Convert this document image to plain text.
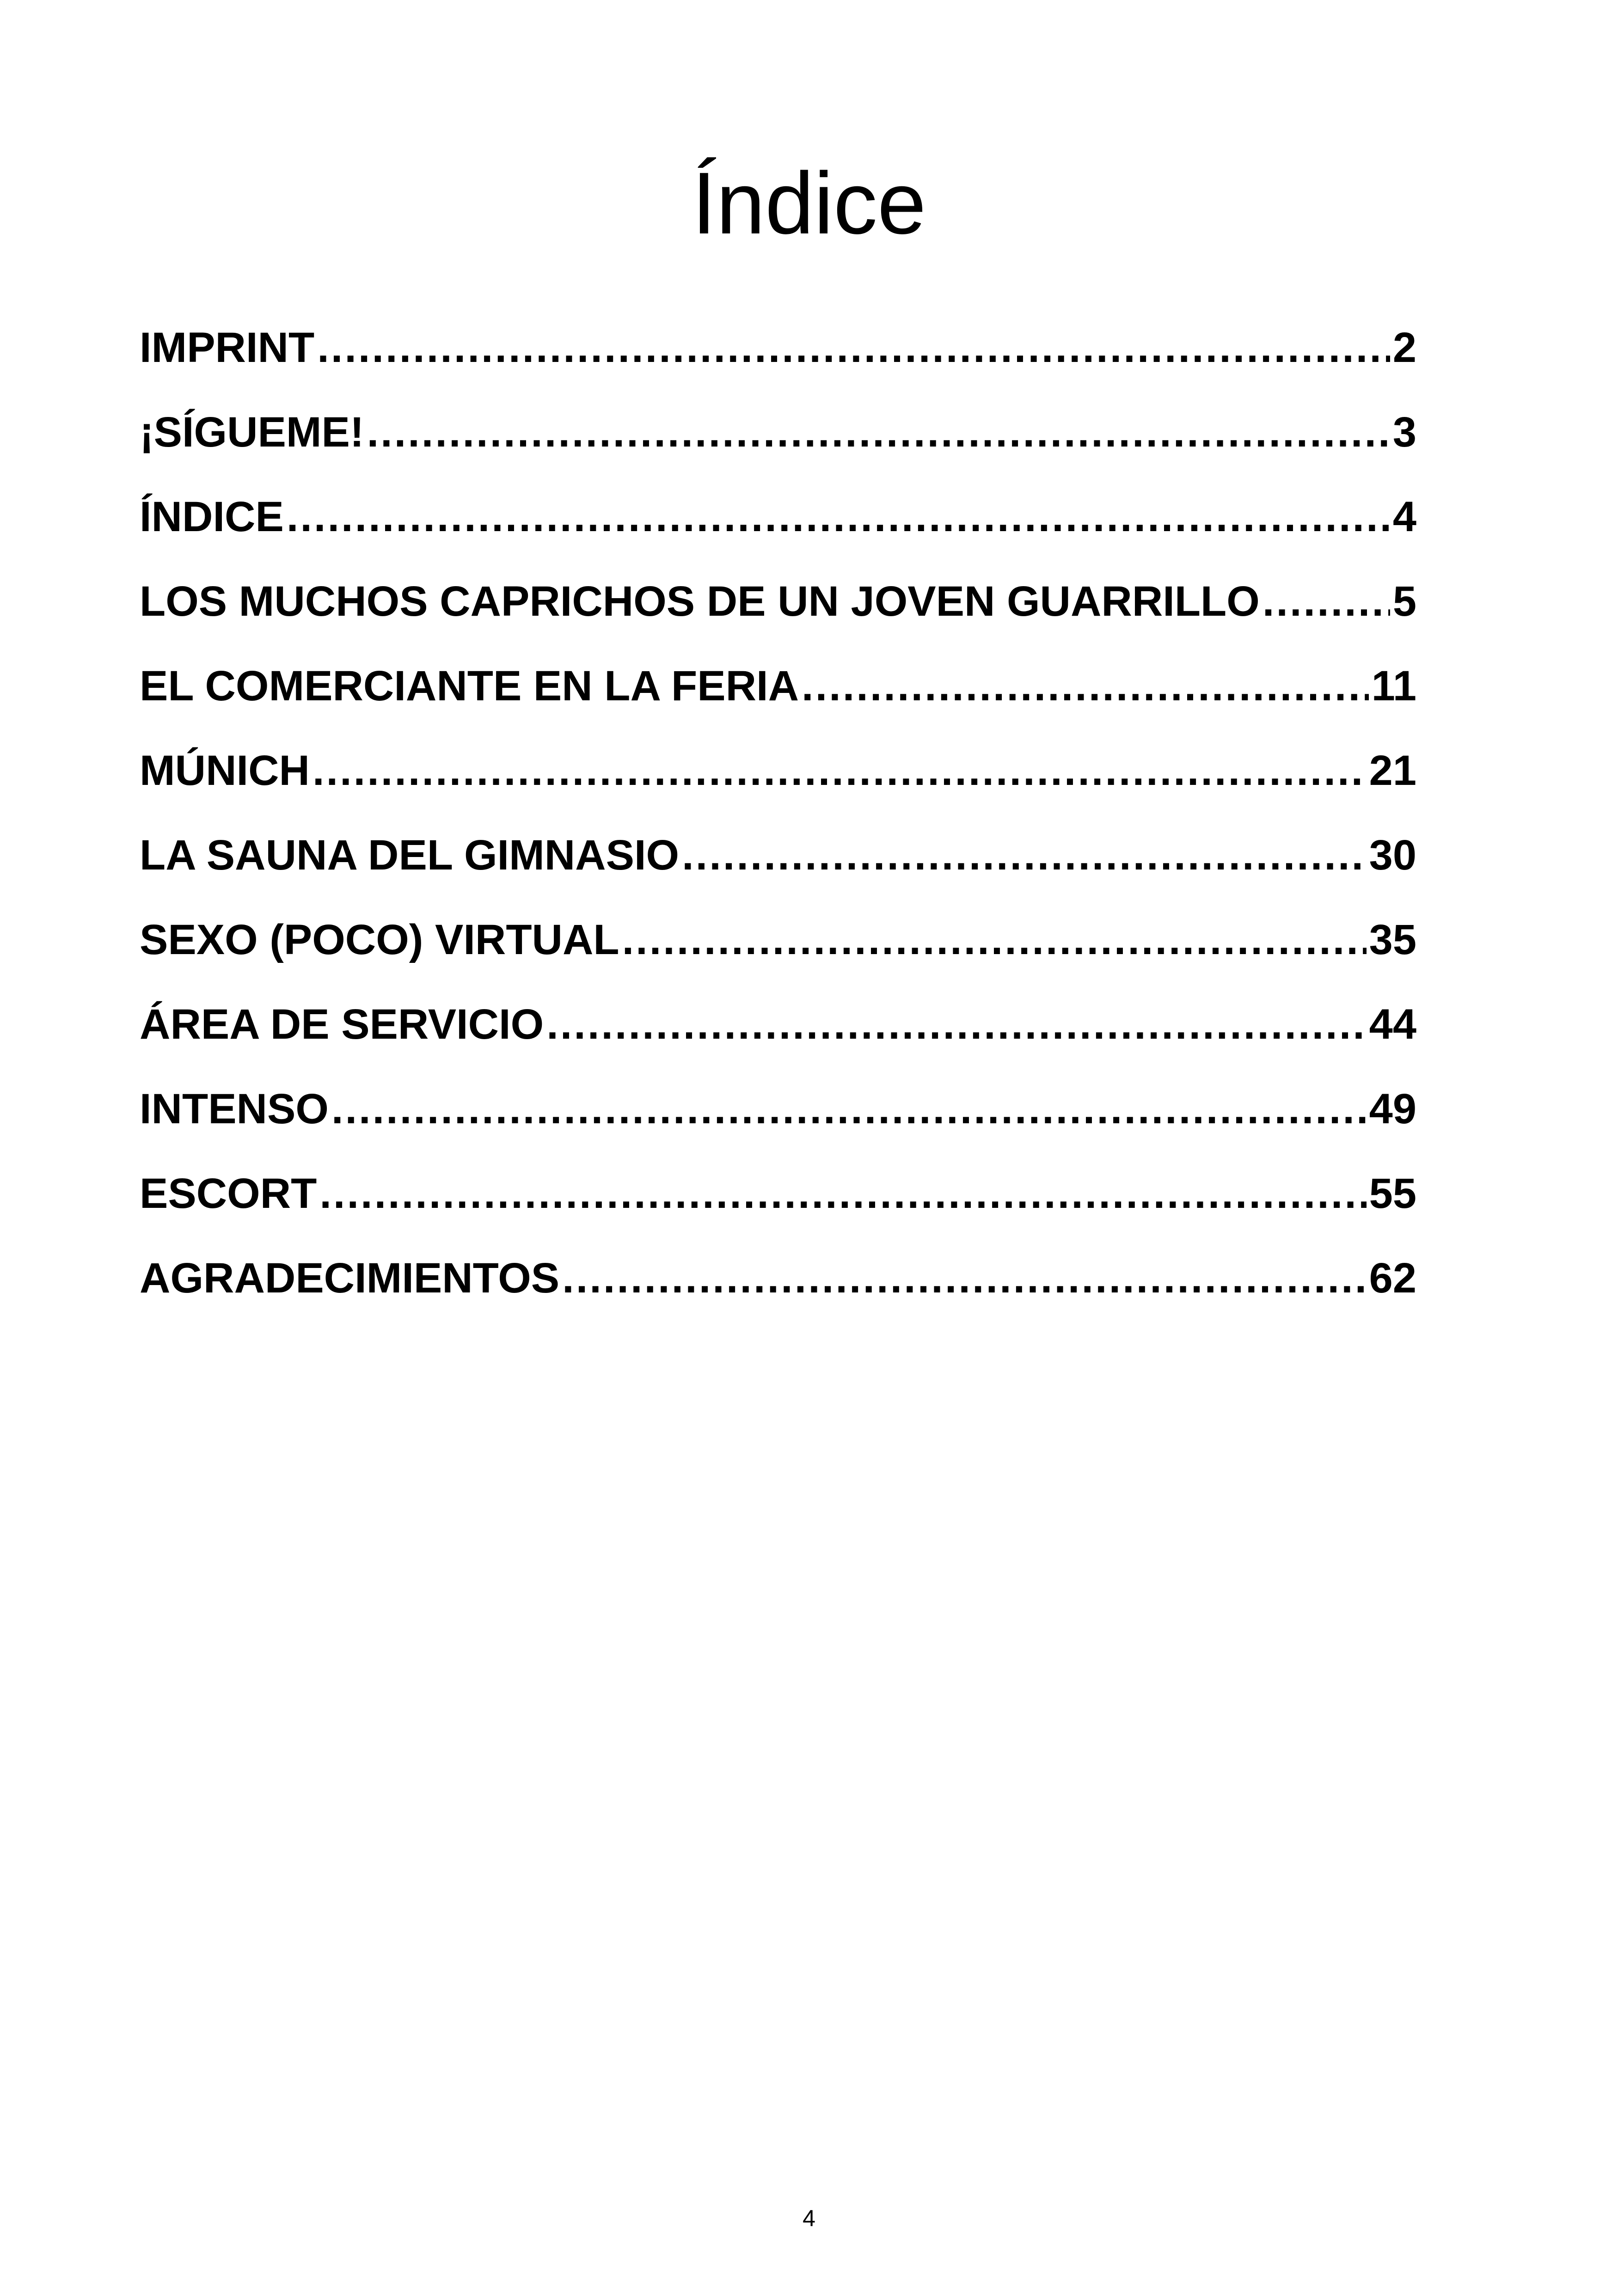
Índice
IMPRINT .....	2
¡SÍGUEME! .....	3
ÍNDICE .....	4
LOS MUCHOS CAPRICHOS DE UN JOVEN GUARRILLO .....	5
EL COMERCIANTE EN LA FERIA .....	11
MÚNICH .....	21
LA SAUNA DEL GIMNASIO .....	30
SEXO (POCO) VIRTUAL .....	35
ÁREA DE SERVICIO .....	44
INTENSO .....	49
ESCORT .....	55
AGRADECIMIENTOS .....	62
4
